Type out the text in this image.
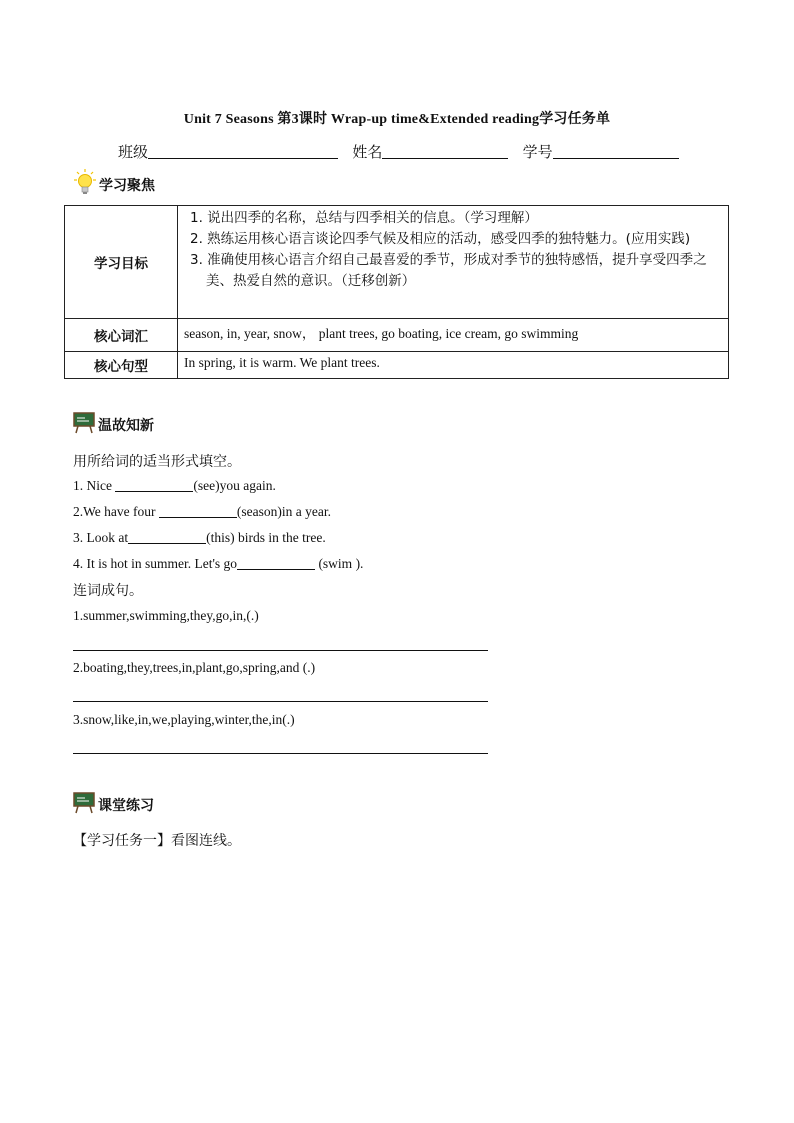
Unit 7 Seasons 第3课时 Wrap-up time&Extended reading学习任务单
班级	姓名	学号
学习聚焦
学习目标	1. 说出四季的名称，总结与四季相关的信息。（学习理解）
2. 熟练运用核心语言谈论四季气候及相应的活动，感受四季的独特魅力。(应用实践)
3. 准确使用核心语言介绍自己最喜爱的季节，形成对季节的独特感悟，提升享受四季之美、热爱自然的意识。（迁移创新）

核心词汇	season, in, year, snow， plant trees, go boating, ice cream, go swimming
核心句型	In spring, it is warm. We plant trees.
温故知新
用所给词的适当形式填空。
1. Nice	(see)you again.
2.We have four	(season)in a year.
3. Look at	(this) birds in the tree.
4. It is hot in summer. Let's go	(swim ).
连词成句。
1.summer,swimming,they,go,in,(.)
2.boating,they,trees,in,plant,go,spring,and (.)
3.snow,like,in,we,playing,winter,the,in(.)
课堂练习
【学习任务一】看图连线。
